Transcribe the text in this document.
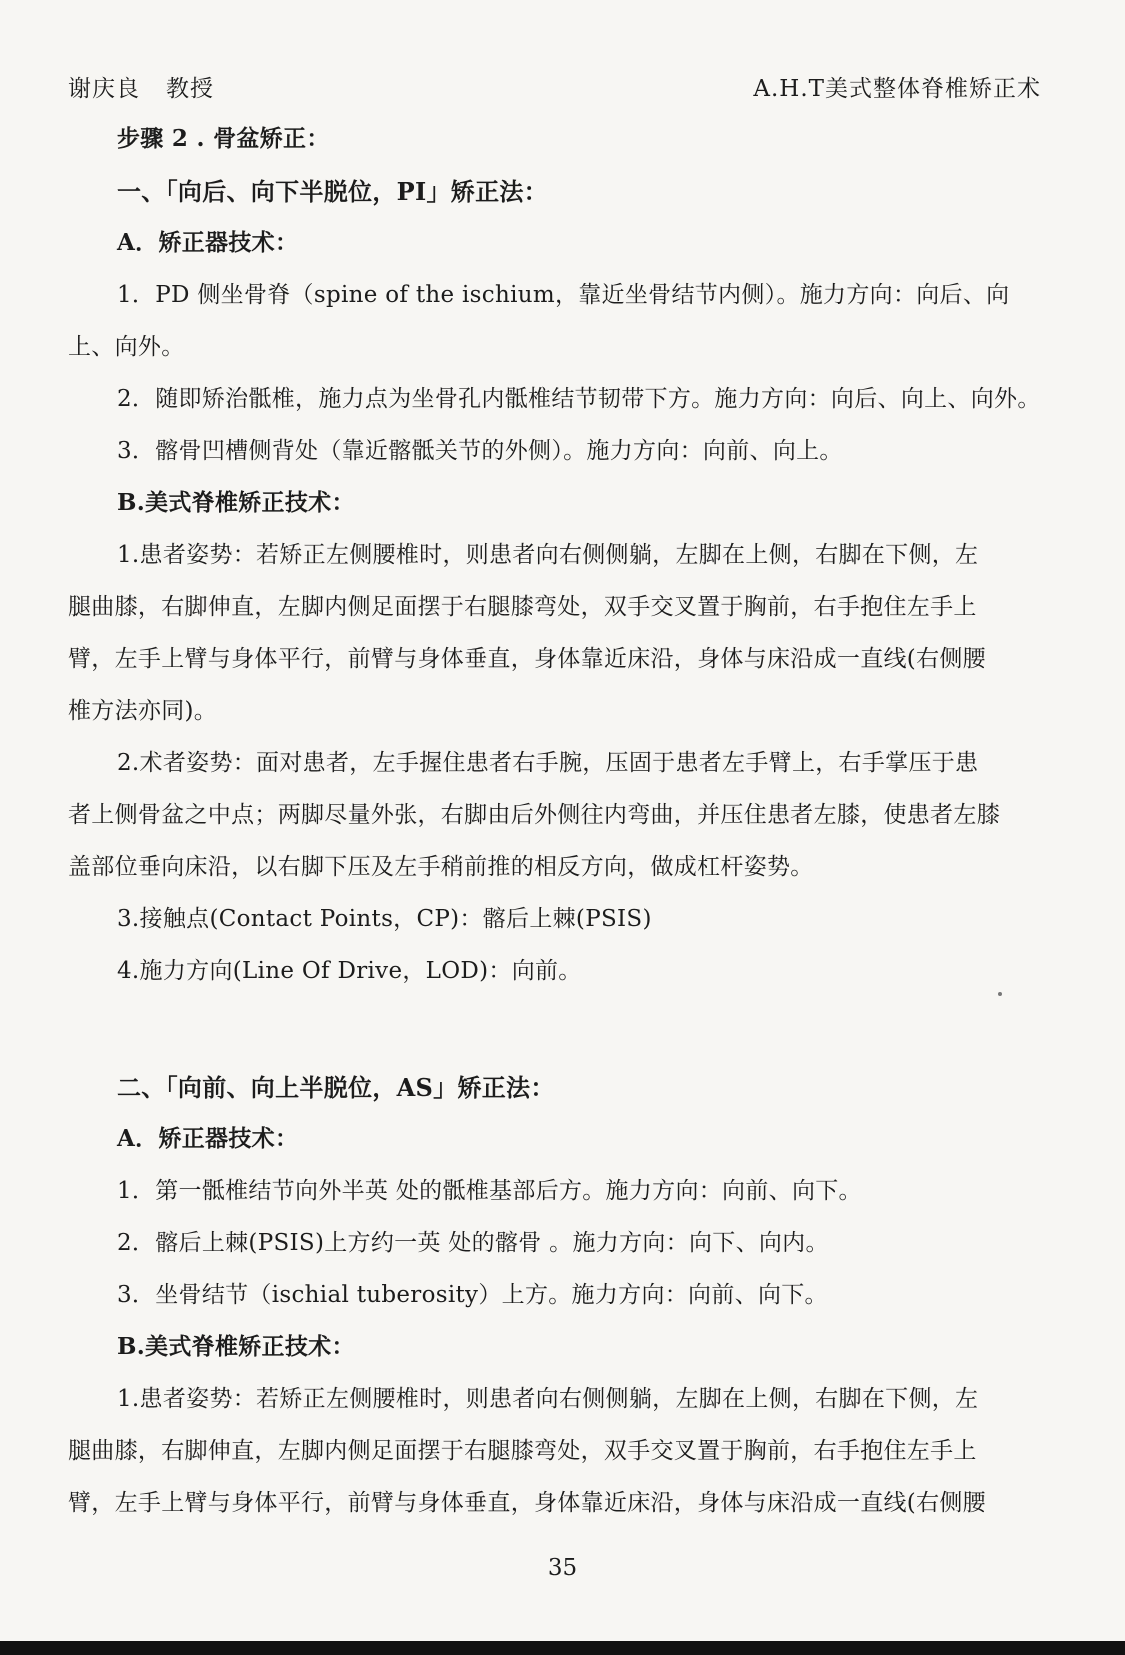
谢庆良 教授	A.H.T美式整体脊椎矫正术
步骤 2 . 骨盆矫正：
一、「向后、向下半脱位，PI」矫正法：
A．矫正器技术：
1．PD 侧坐骨脊（spine of the ischium，靠近坐骨结节内侧）。施力方向：向后、向
上、向外。
2．随即矫治骶椎，施力点为坐骨孔内骶椎结节韧带下方。施力方向：向后、向上、向外。
3．髂骨凹槽侧背处（靠近髂骶关节的外侧）。施力方向：向前、向上。
B.美式脊椎矫正技术：
1.患者姿势：若矫正左侧腰椎时，则患者向右侧侧躺，左脚在上侧，右脚在下侧，左
腿曲膝，右脚伸直，左脚内侧足面摆于右腿膝弯处，双手交叉置于胸前，右手抱住左手上
臂，左手上臂与身体平行，前臂与身体垂直，身体靠近床沿，身体与床沿成一直线(右侧腰
椎方法亦同)。
2.术者姿势：面对患者，左手握住患者右手腕，压固于患者左手臂上，右手掌压于患
者上侧骨盆之中点；两脚尽量外张，右脚由后外侧往内弯曲，并压住患者左膝，使患者左膝
盖部位垂向床沿，以右脚下压及左手稍前推的相反方向，做成杠杆姿势。
3.接触点(Contact Points，CP)：髂后上棘(PSIS)
4.施力方向(Line Of Drive，LOD)：向前。
二、「向前、向上半脱位，AS」矫正法：
A．矫正器技术：
1．第一骶椎结节向外半英 处的骶椎基部后方。施力方向：向前、向下。
2．髂后上棘(PSIS)上方约一英 处的髂骨 。施力方向：向下、向内。
3．坐骨结节（ischial tuberosity）上方。施力方向：向前、向下。
B.美式脊椎矫正技术：
1.患者姿势：若矫正左侧腰椎时，则患者向右侧侧躺，左脚在上侧，右脚在下侧，左
腿曲膝，右脚伸直，左脚内侧足面摆于右腿膝弯处，双手交叉置于胸前，右手抱住左手上
臂，左手上臂与身体平行，前臂与身体垂直，身体靠近床沿，身体与床沿成一直线(右侧腰
35
